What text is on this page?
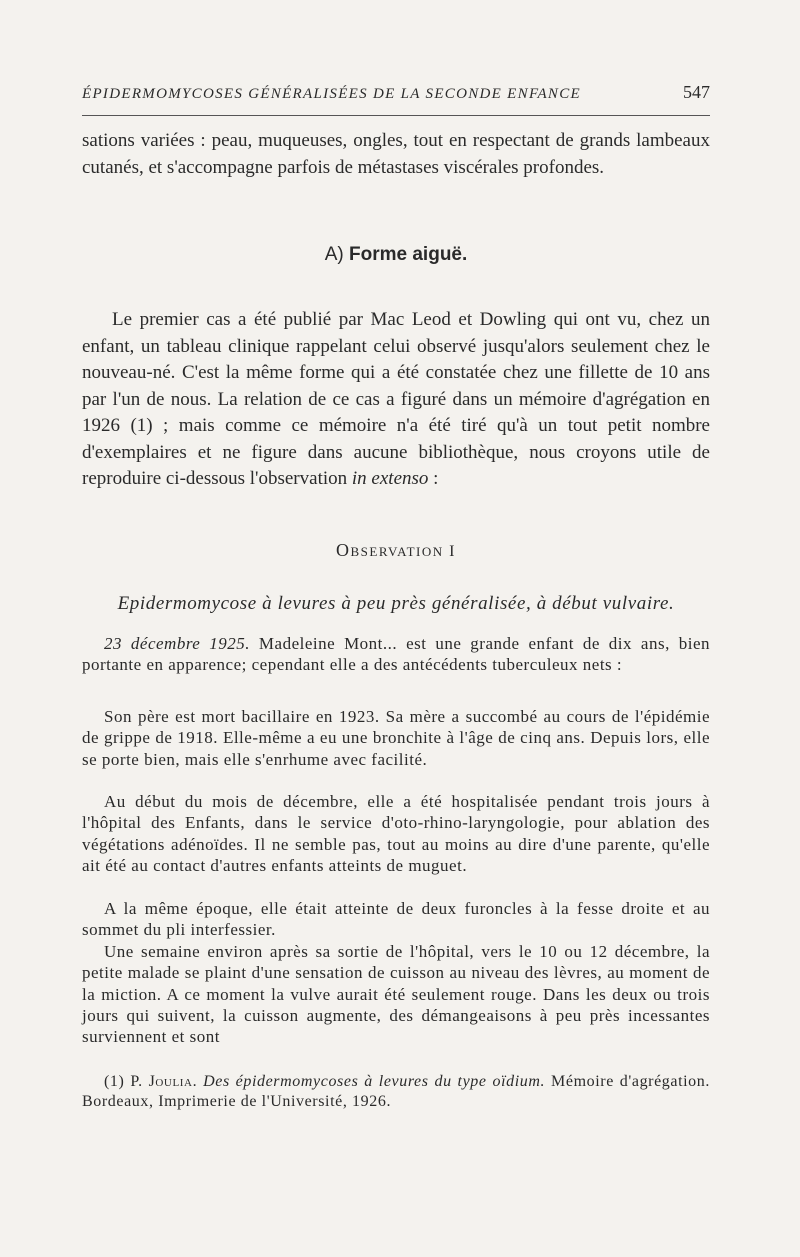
ÉPIDERMOMYCOSES GÉNÉRALISÉES DE LA SECONDE ENFANCE	547
sations variées : peau, muqueuses, ongles, tout en respectant de grands lambeaux cutanés, et s'accompagne parfois de métastases viscérales profondes.
A) Forme aiguë.
Le premier cas a été publié par Mac Leod et Dowling qui ont vu, chez un enfant, un tableau clinique rappelant celui observé jusqu'alors seulement chez le nouveau-né. C'est la même forme qui a été constatée chez une fillette de 10 ans par l'un de nous. La relation de ce cas a figuré dans un mémoire d'agrégation en 1926 (1) ; mais comme ce mémoire n'a été tiré qu'à un tout petit nombre d'exemplaires et ne figure dans aucune bibliothèque, nous croyons utile de reproduire ci-dessous l'observation in extenso :
Observation I
Epidermomycose à levures à peu près généralisée, à début vulvaire.
23 décembre 1925. Madeleine Mont... est une grande enfant de dix ans, bien portante en apparence; cependant elle a des antécédents tuberculeux nets :
Son père est mort bacillaire en 1923. Sa mère a succombé au cours de l'épidémie de grippe de 1918. Elle-même a eu une bronchite à l'âge de cinq ans. Depuis lors, elle se porte bien, mais elle s'enrhume avec facilité.
Au début du mois de décembre, elle a été hospitalisée pendant trois jours à l'hôpital des Enfants, dans le service d'oto-rhino-laryngologie, pour ablation des végétations adénoïdes. Il ne semble pas, tout au moins au dire d'une parente, qu'elle ait été au contact d'autres enfants atteints de muguet.
A la même époque, elle était atteinte de deux furoncles à la fesse droite et au sommet du pli interfessier.
Une semaine environ après sa sortie de l'hôpital, vers le 10 ou 12 décembre, la petite malade se plaint d'une sensation de cuisson au niveau des lèvres, au moment de la miction. A ce moment la vulve aurait été seulement rouge. Dans les deux ou trois jours qui suivent, la cuisson augmente, des démangeaisons à peu près incessantes surviennent et sont
(1) P. Joulia. Des épidermomycoses à levures du type oïdium. Mémoire d'agrégation. Bordeaux, Imprimerie de l'Université, 1926.
